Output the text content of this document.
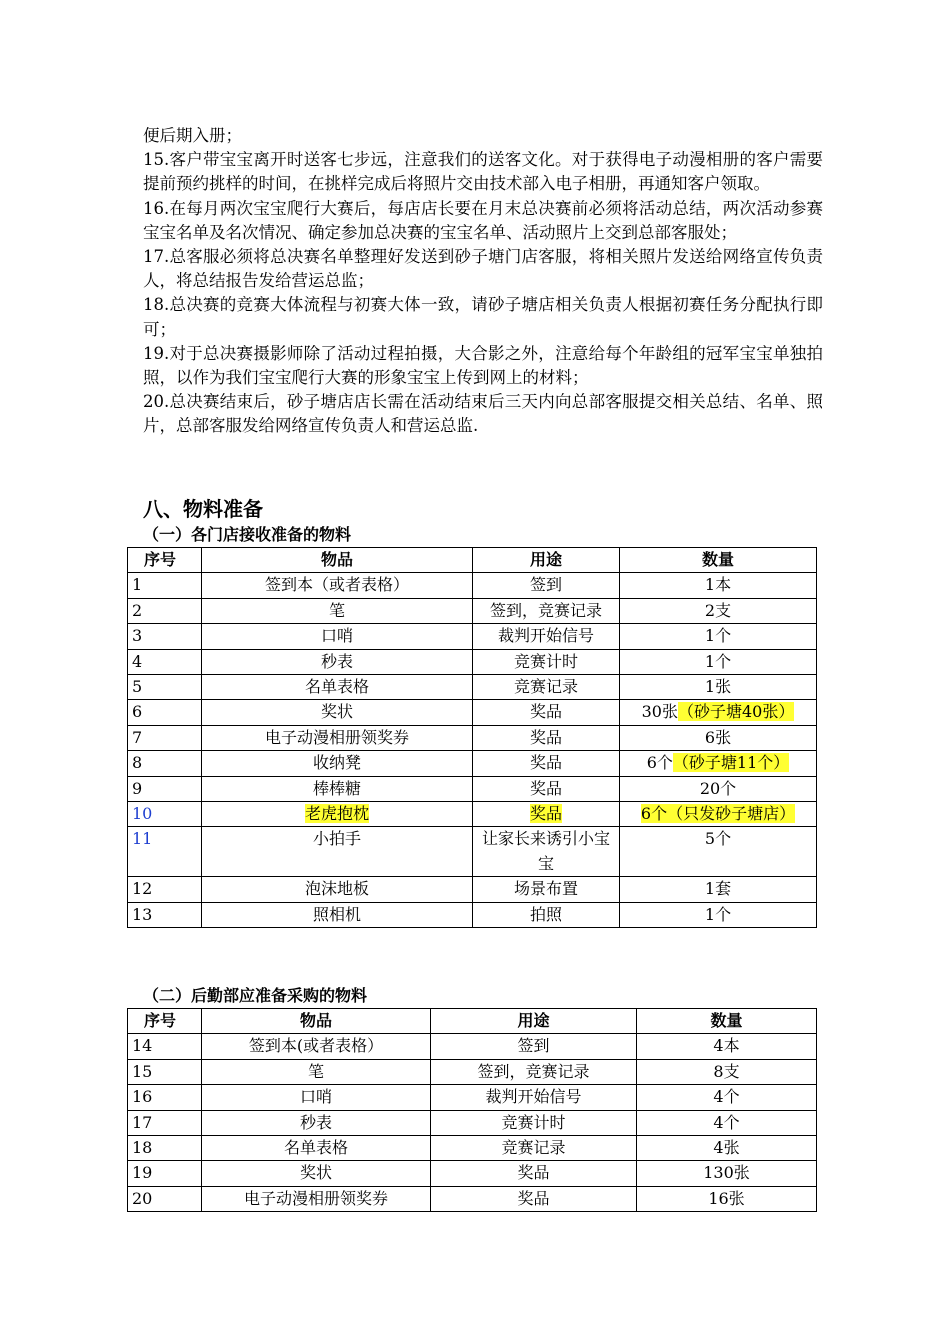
便后期入册；

15.客户带宝宝离开时送客七步远，注意我们的送客文化。对于获得电子动漫相册的客户需要提前预约挑样的时间，在挑样完成后将照片交由技术部入电子相册，再通知客户领取。

16.在每月两次宝宝爬行大赛后，每店店长要在月末总决赛前必须将活动总结，两次活动参赛宝宝名单及名次情况、确定参加总决赛的宝宝名单、活动照片上交到总部客服处；

17.总客服必须将总决赛名单整理好发送到砂子塘门店客服，将相关照片发送给网络宣传负责人，将总结报告发给营运总监；

18.总决赛的竞赛大体流程与初赛大体一致，请砂子塘店相关负责人根据初赛任务分配执行即可；

19.对于总决赛摄影师除了活动过程拍摄，大合影之外，注意给每个年龄组的冠军宝宝单独拍照，以作为我们宝宝爬行大赛的形象宝宝上传到网上的材料；

20.总决赛结束后，砂子塘店店长需在活动结束后三天内向总部客服提交相关总结、名单、照片，总部客服发给网络宣传负责人和营运总监.

八、物料准备
（一）各门店接收准备的物料
序号	物品	用途	数量
1	签到本（或者表格）	签到	1本
2	笔	签到，竞赛记录	2支
3	口哨	裁判开始信号	1个
4	秒表	竞赛计时	1个
5	名单表格	竞赛记录	1张
6	奖状	奖品	30张（砂子塘40张）
7	电子动漫相册领奖券	奖品	6张
8	收纳凳	奖品	6个（砂子塘11个）
9	棒棒糖	奖品	20个
10	老虎抱枕	奖品	6个（只发砂子塘店）
11	小拍手	让家长来诱引小宝宝	5个
12	泡沫地板	场景布置	1套
13	照相机	拍照	1个
（二）后勤部应准备采购的物料
序号	物品	用途	数量
14	签到本(或者表格）	签到	4本
15	笔	签到，竞赛记录	8支
16	口哨	裁判开始信号	4个
17	秒表	竞赛计时	4个
18	名单表格	竞赛记录	4张
19	奖状	奖品	130张
20	电子动漫相册领奖券	奖品	16张
